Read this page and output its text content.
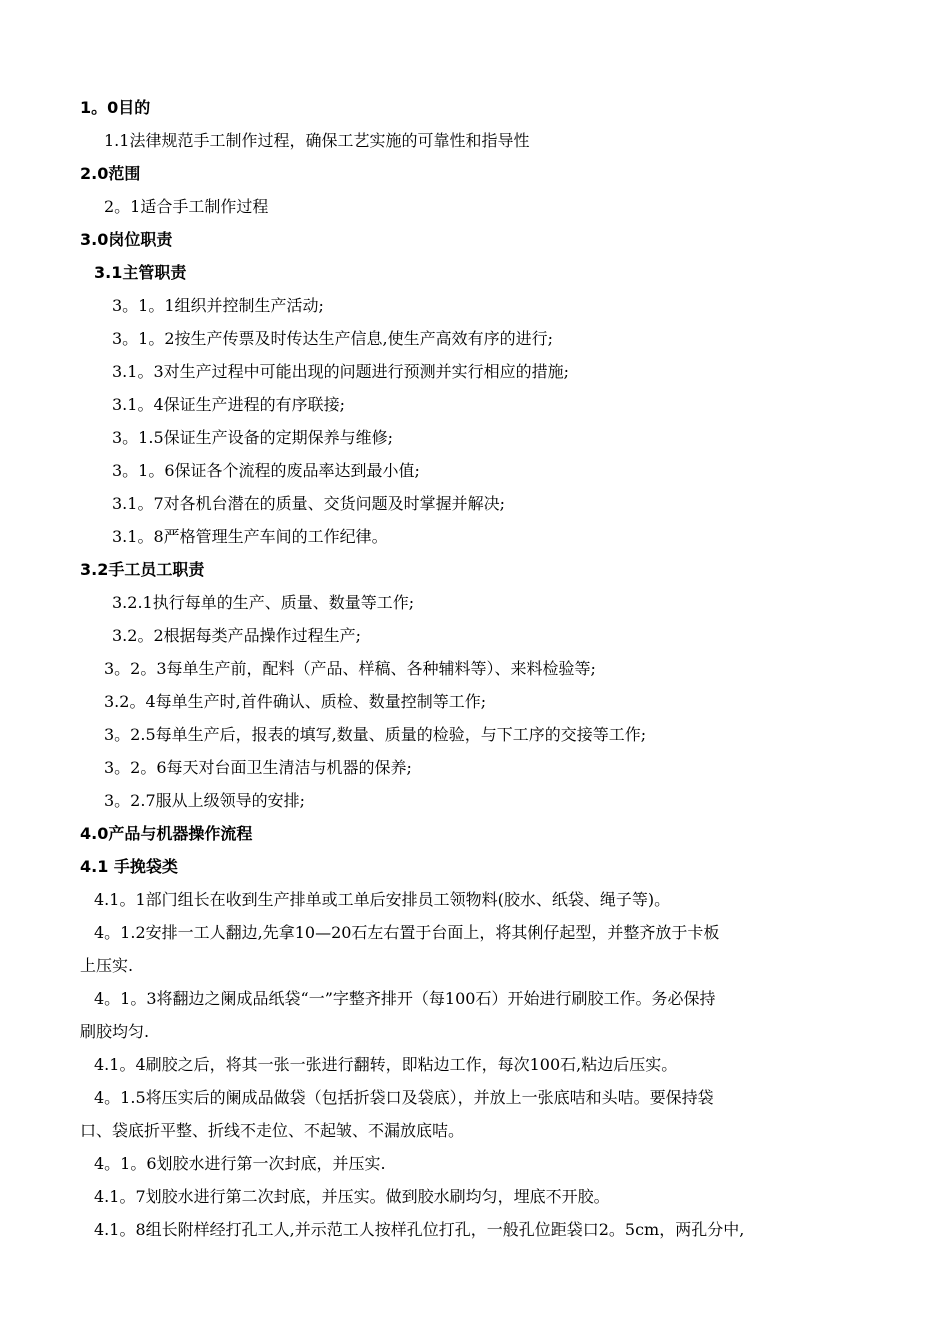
1。0目的
1.1法律规范手工制作过程，确保工艺实施的可靠性和指导性
2.0范围
2。1适合手工制作过程
3.0岗位职责
3.1主管职责
3。1。1组织并控制生产活动;
3。1。2按生产传票及时传达生产信息,使生产高效有序的进行;
3.1。3对生产过程中可能出现的问题进行预测并实行相应的措施;
3.1。4保证生产进程的有序联接;
3。1.5保证生产设备的定期保养与维修;
3。1。6保证各个流程的废品率达到最小值;
3.1。7对各机台潜在的质量、交货问题及时掌握并解决;
3.1。8严格管理生产车间的工作纪律。
3.2手工员工职责
3.2.1执行每单的生产、质量、数量等工作;
3.2。2根据每类产品操作过程生产;
3。2。3每单生产前，配料（产品、样稿、各种辅料等）、来料检验等;
3.2。4每单生产时,首件确认、质检、数量控制等工作;
3。2.5每单生产后，报表的填写,数量、质量的检验，与下工序的交接等工作;
3。2。6每天对台面卫生清洁与机器的保养;
3。2.7服从上级领导的安排;
4.0产品与机器操作流程
4.1 手挽袋类
4.1。1部门组长在收到生产排单或工单后安排员工领物料(胶水、纸袋、绳子等)。
4。1.2安排一工人翻边,先拿10—20石左右置于台面上，将其俐仔起型，并整齐放于卡板
上压实.
4。1。3将翻边之阑成品纸袋“一”字整齐排开（每100石）开始进行刷胶工作。务必保持
刷胶均匀.
4.1。4刷胶之后，将其一张一张进行翻转，即粘边工作，每次100石,粘边后压实。
4。1.5将压实后的阑成品做袋（包括折袋口及袋底），并放上一张底咭和头咭。要保持袋
口、袋底折平整、折线不走位、不起皱、不漏放底咭。
4。1。6划胶水进行第一次封底，并压实.
4.1。7划胶水进行第二次封底，并压实。做到胶水刷均匀，埋底不开胶。
4.1。8组长附样经打孔工人,并示范工人按样孔位打孔，一般孔位距袋口2。5cm，两孔分中,
